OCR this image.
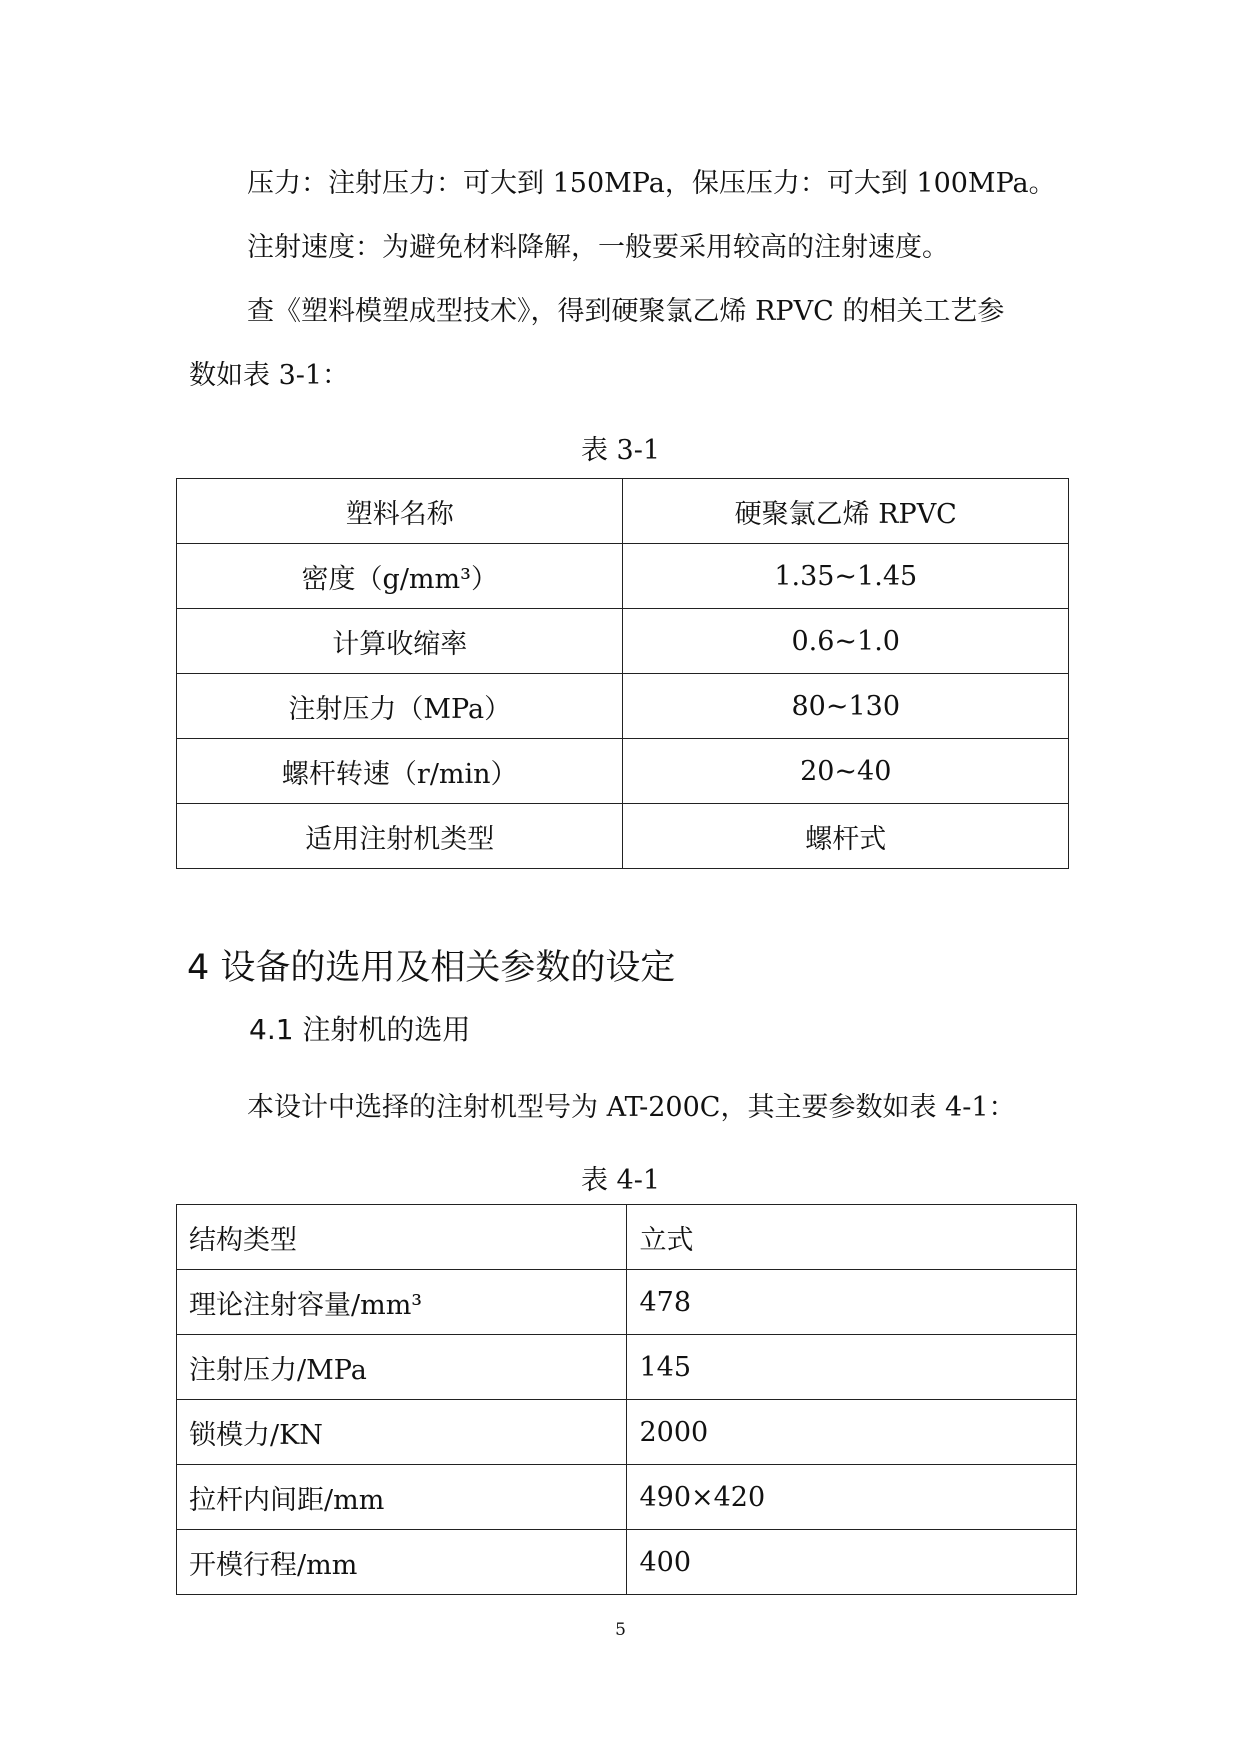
压力：注射压力：可大到 150MPa，保压压力：可大到 100MPa。
注射速度：为避免材料降解，一般要采用较高的注射速度。
查《塑料模塑成型技术》，得到硬聚氯乙烯 RPVC 的相关工艺参
数如表 3-1：
表 3-1
塑料名称	硬聚氯乙烯 RPVC
密度（g/mm³）	1.35~1.45
计算收缩率	0.6~1.0
注射压力（MPa）	80~130
螺杆转速（r/min）	20~40
适用注射机类型	螺杆式
4 设备的选用及相关参数的设定
4.1 注射机的选用
本设计中选择的注射机型号为 AT-200C，其主要参数如表 4-1：
表 4-1
结构类型	立式
理论注射容量/mm³	478
注射压力/MPa	145
锁模力/KN	2000
拉杆内间距/mm	490×420
开模行程/mm	400
5
